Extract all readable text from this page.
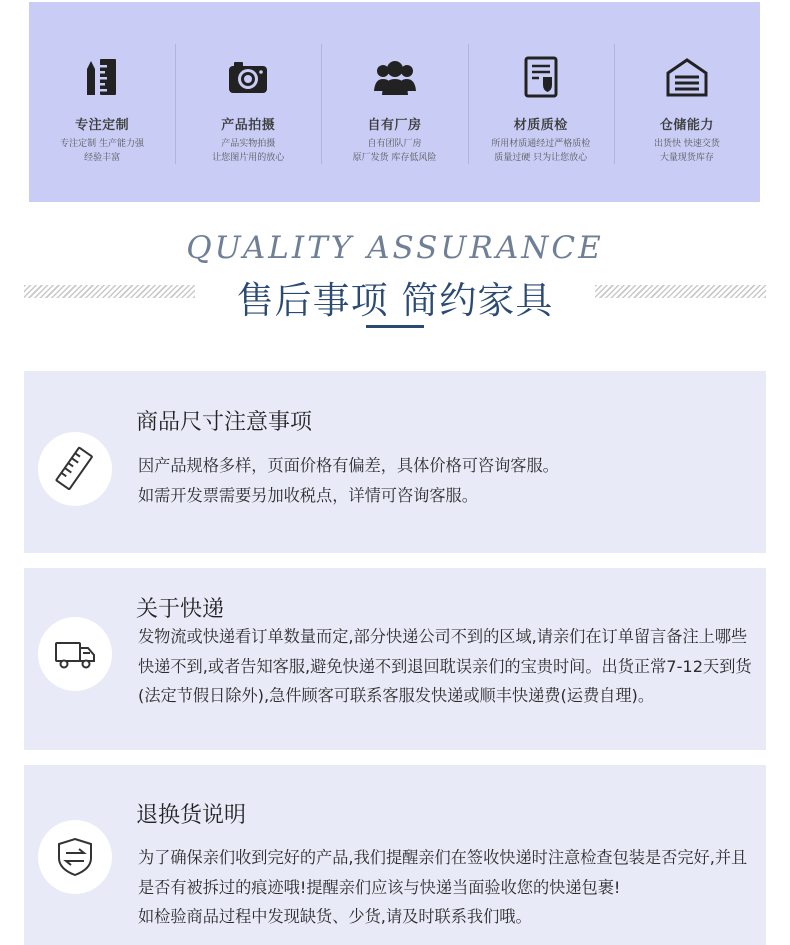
专注定制
专注定制 生产能力强
经验丰富
产品拍摄
产品实物拍摄
让您图片用的放心
自有厂房
自有团队厂房
原厂发货 库存低风险
材质质检
所用材质通经过严格质检
质量过硬 只为让您放心
仓储能力
出货快 快速交货
大量现货库存
QUALITY ASSURANCE
售后事项 简约家具
商品尺寸注意事项

因产品规格多样，页面价格有偏差，具体价格可咨询客服。

如需开发票需要另加收税点，详情可咨询客服。

关于快递

发物流或快递看订单数量而定,部分快递公司不到的区域,请亲们在订单留言备注上哪些快递不到,或者告知客服,避免快递不到退回耽误亲们的宝贵时间。出货正常7-12天到货(法定节假日除外),急件顾客可联系客服发快递或顺丰快递费(运费自理)。

退换货说明

为了确保亲们收到完好的产品,我们提醒亲们在签收快递时注意检查包装是否完好,并且是否有被拆过的痕迹哦!提醒亲们应该与快递当面验收您的快递包裹!

如检验商品过程中发现缺货、少货,请及时联系我们哦。
